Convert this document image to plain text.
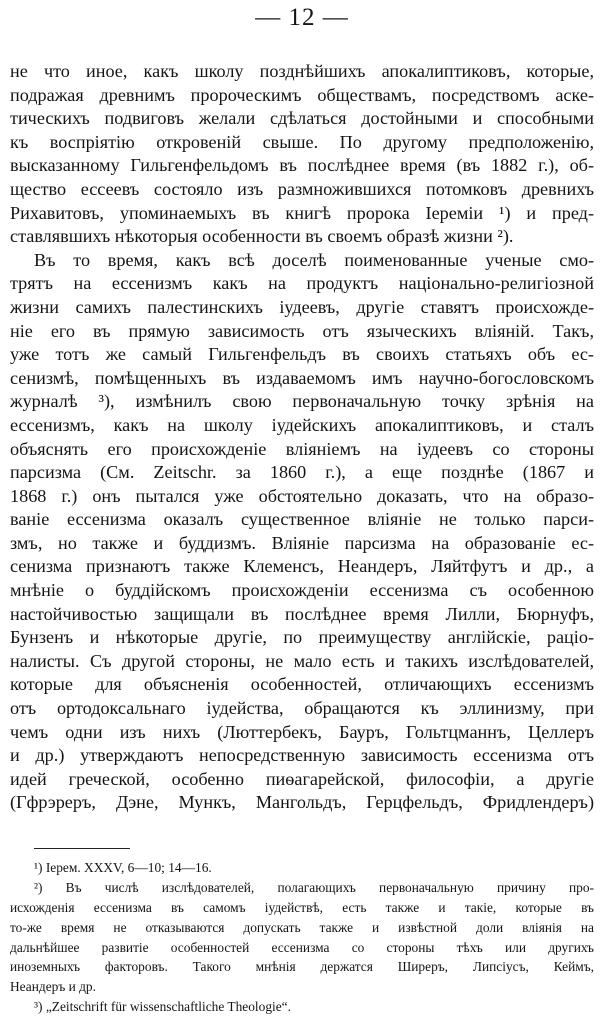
— 12 —
не что иное, какъ школу позднѣйшихъ апокалиптиковъ, которые,
подражая древнимъ пророческимъ обществамъ, посредствомъ аске-
тическихъ подвиговъ желали сдѣлаться достойными и способными
къ воспріятію откровеній свыше. По другому предположенію,
высказанному Гильгенфельдомъ въ послѣднее время (въ 1882 г.), об-
щество ессеевъ состояло изъ размножившихся потомковъ древнихъ
Рихавитовъ, упоминаемыхъ въ книгѣ пророка Іереміи ¹) и пред-
ставлявшихъ нѣкоторыя особенности въ своемъ образѣ жизни ²).
Въ то время, какъ всѣ доселѣ поименованные ученые смо-
трятъ на ессенизмъ какъ на продуктъ національно-религіозной
жизни самихъ палестинскихъ іудеевъ, другіе ставятъ происхожде-
ніе его въ прямую зависимость отъ языческихъ вліяній. Такъ,
уже тотъ же самый Гильгенфельдъ въ своихъ статьяхъ объ ес-
сенизмѣ, помѣщенныхъ въ издаваемомъ имъ научно-богословскомъ
журналѣ ³), измѣнилъ свою первоначальную точку зрѣнія на
ессенизмъ, какъ на школу іудейскихъ апокалиптиковъ, и сталъ
объяснять его происхожденіе вліяніемъ на іудеевъ со стороны
парсизма (См. Zeitschr. за 1860 г.), а еще позднѣе (1867 и
1868 г.) онъ пытался уже обстоятельно доказать, что на образо-
ваніе ессенизма оказалъ существенное вліяніе не только парси-
змъ, но также и буддизмъ. Вліяніе парсизма на образованіе ес-
сенизма признаютъ также Клеменсъ, Неандеръ, Ляйтфутъ и др., а
мнѣніе о буддійскомъ происхожденіи ессенизма съ особенною
настойчивостью защищали въ послѣднее время Лилли, Бюрнуфъ,
Бунзенъ и нѣкоторые другіе, по преимуществу англійскіе, раціо-
налисты. Съ другой стороны, не мало есть и такихъ изслѣдователей,
которые для объясненія особенностей, отличающихъ ессенизмъ
отъ ортодоксальнаго іудейства, обращаются къ эллинизму, при
чемъ одни изъ нихъ (Люттербекъ, Бауръ, Гольтцманнъ, Целлеръ
и др.) утверждаютъ непосредственную зависимость ессенизма отъ
идей греческой, особенно пиѳагарейской, философіи, а другіе
(Гфрэреръ, Дэне, Мункъ, Мангольдъ, Герцфельдъ, Фридлендеръ)
¹) Іерем. XXXV, 6—10; 14—16.
²) Въ числѣ изслѣдователей, полагающихъ первоначальную причину про-
исхожденія ессенизма въ самомъ іудействѣ, есть также и такіе, которые въ
то-же время не отказываются допускать также и извѣстной доли вліянія на
дальнѣйшее развитіе особенностей ессенизма со стороны тѣхъ или другихъ
иноземныхъ факторовъ. Такого мнѣнія держатся Ширеръ, Липсіусъ, Кеймъ,
Неандеръ и др.
³) „Zeitschrift für wissenschaftliche Theologie“.
